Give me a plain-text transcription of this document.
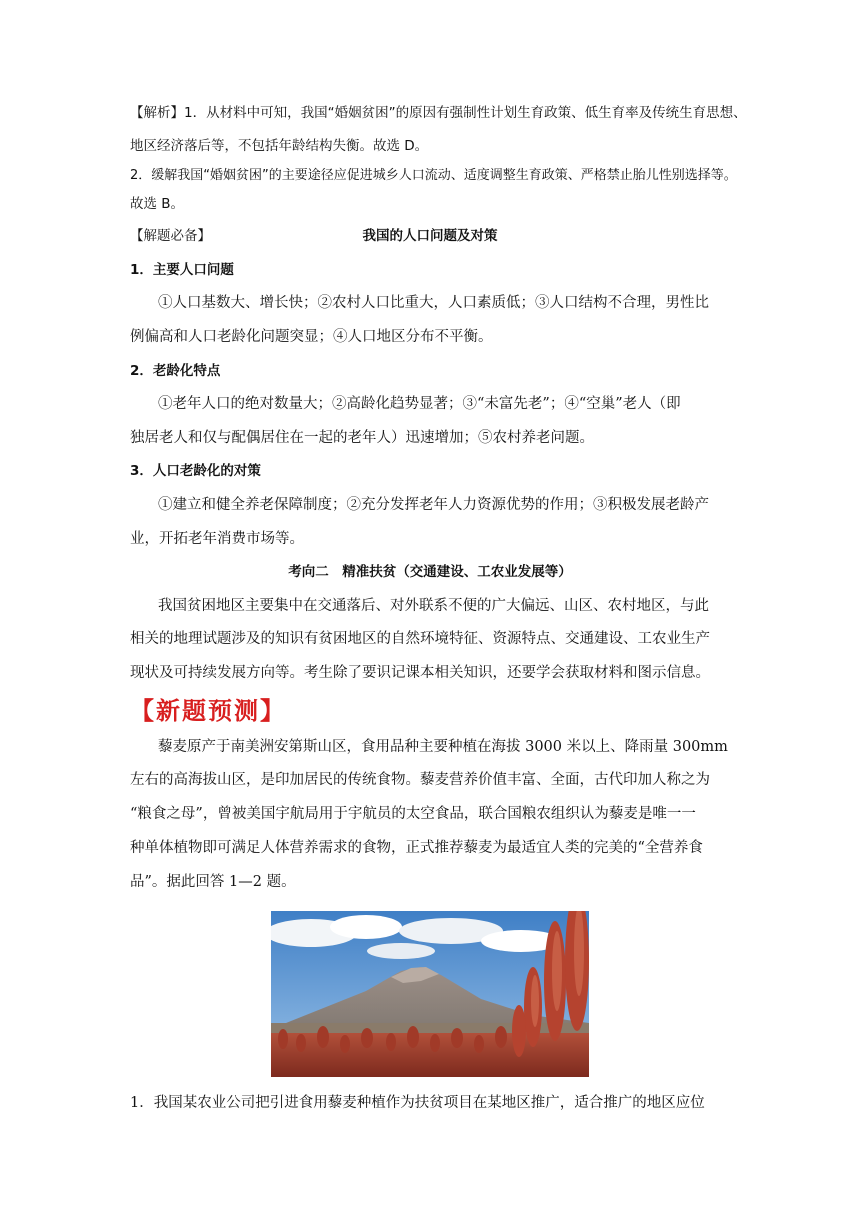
【解析】1．从材料中可知，我国“婚姻贫困”的原因有强制性计划生育政策、低生育率及传统生育思想、
地区经济落后等，不包括年龄结构失衡。故选 D。
2．缓解我国“婚姻贫困”的主要途径应促进城乡人口流动、适度调整生育政策、严格禁止胎儿性别选择等。
故选 B。
【解题必备】	我国的人口问题及对策
1．主要人口问题
①人口基数大、增长快；②农村人口比重大，人口素质低；③人口结构不合理，男性比
例偏高和人口老龄化问题突显；④人口地区分布不平衡。
2．老龄化特点
①老年人口的绝对数量大；②高龄化趋势显著；③“未富先老”；④“空巢”老人（即
独居老人和仅与配偶居住在一起的老年人）迅速增加；⑤农村养老问题。
3．人口老龄化的对策
①建立和健全养老保障制度；②充分发挥老年人力资源优势的作用；③积极发展老龄产
业，开拓老年消费市场等。
考向二　精准扶贫（交通建设、工农业发展等）
我国贫困地区主要集中在交通落后、对外联系不便的广大偏远、山区、农村地区，与此
相关的地理试题涉及的知识有贫困地区的自然环境特征、资源特点、交通建设、工农业生产
现状及可持续发展方向等。考生除了要识记课本相关知识，还要学会获取材料和图示信息。
【新题预测】
藜麦原产于南美洲安第斯山区，食用品种主要种植在海拔 3000 米以上、降雨量 300mm
左右的高海拔山区，是印加居民的传统食物。藜麦营养价值丰富、全面，古代印加人称之为
“粮食之母”，曾被美国宇航局用于宇航员的太空食品，联合国粮农组织认为藜麦是唯一一
种单体植物即可满足人体营养需求的食物，正式推荐藜麦为最适宜人类的完美的“全营养食
品”。据此回答 1—2 题。
1．我国某农业公司把引进食用藜麦种植作为扶贫项目在某地区推广，适合推广的地区应位
